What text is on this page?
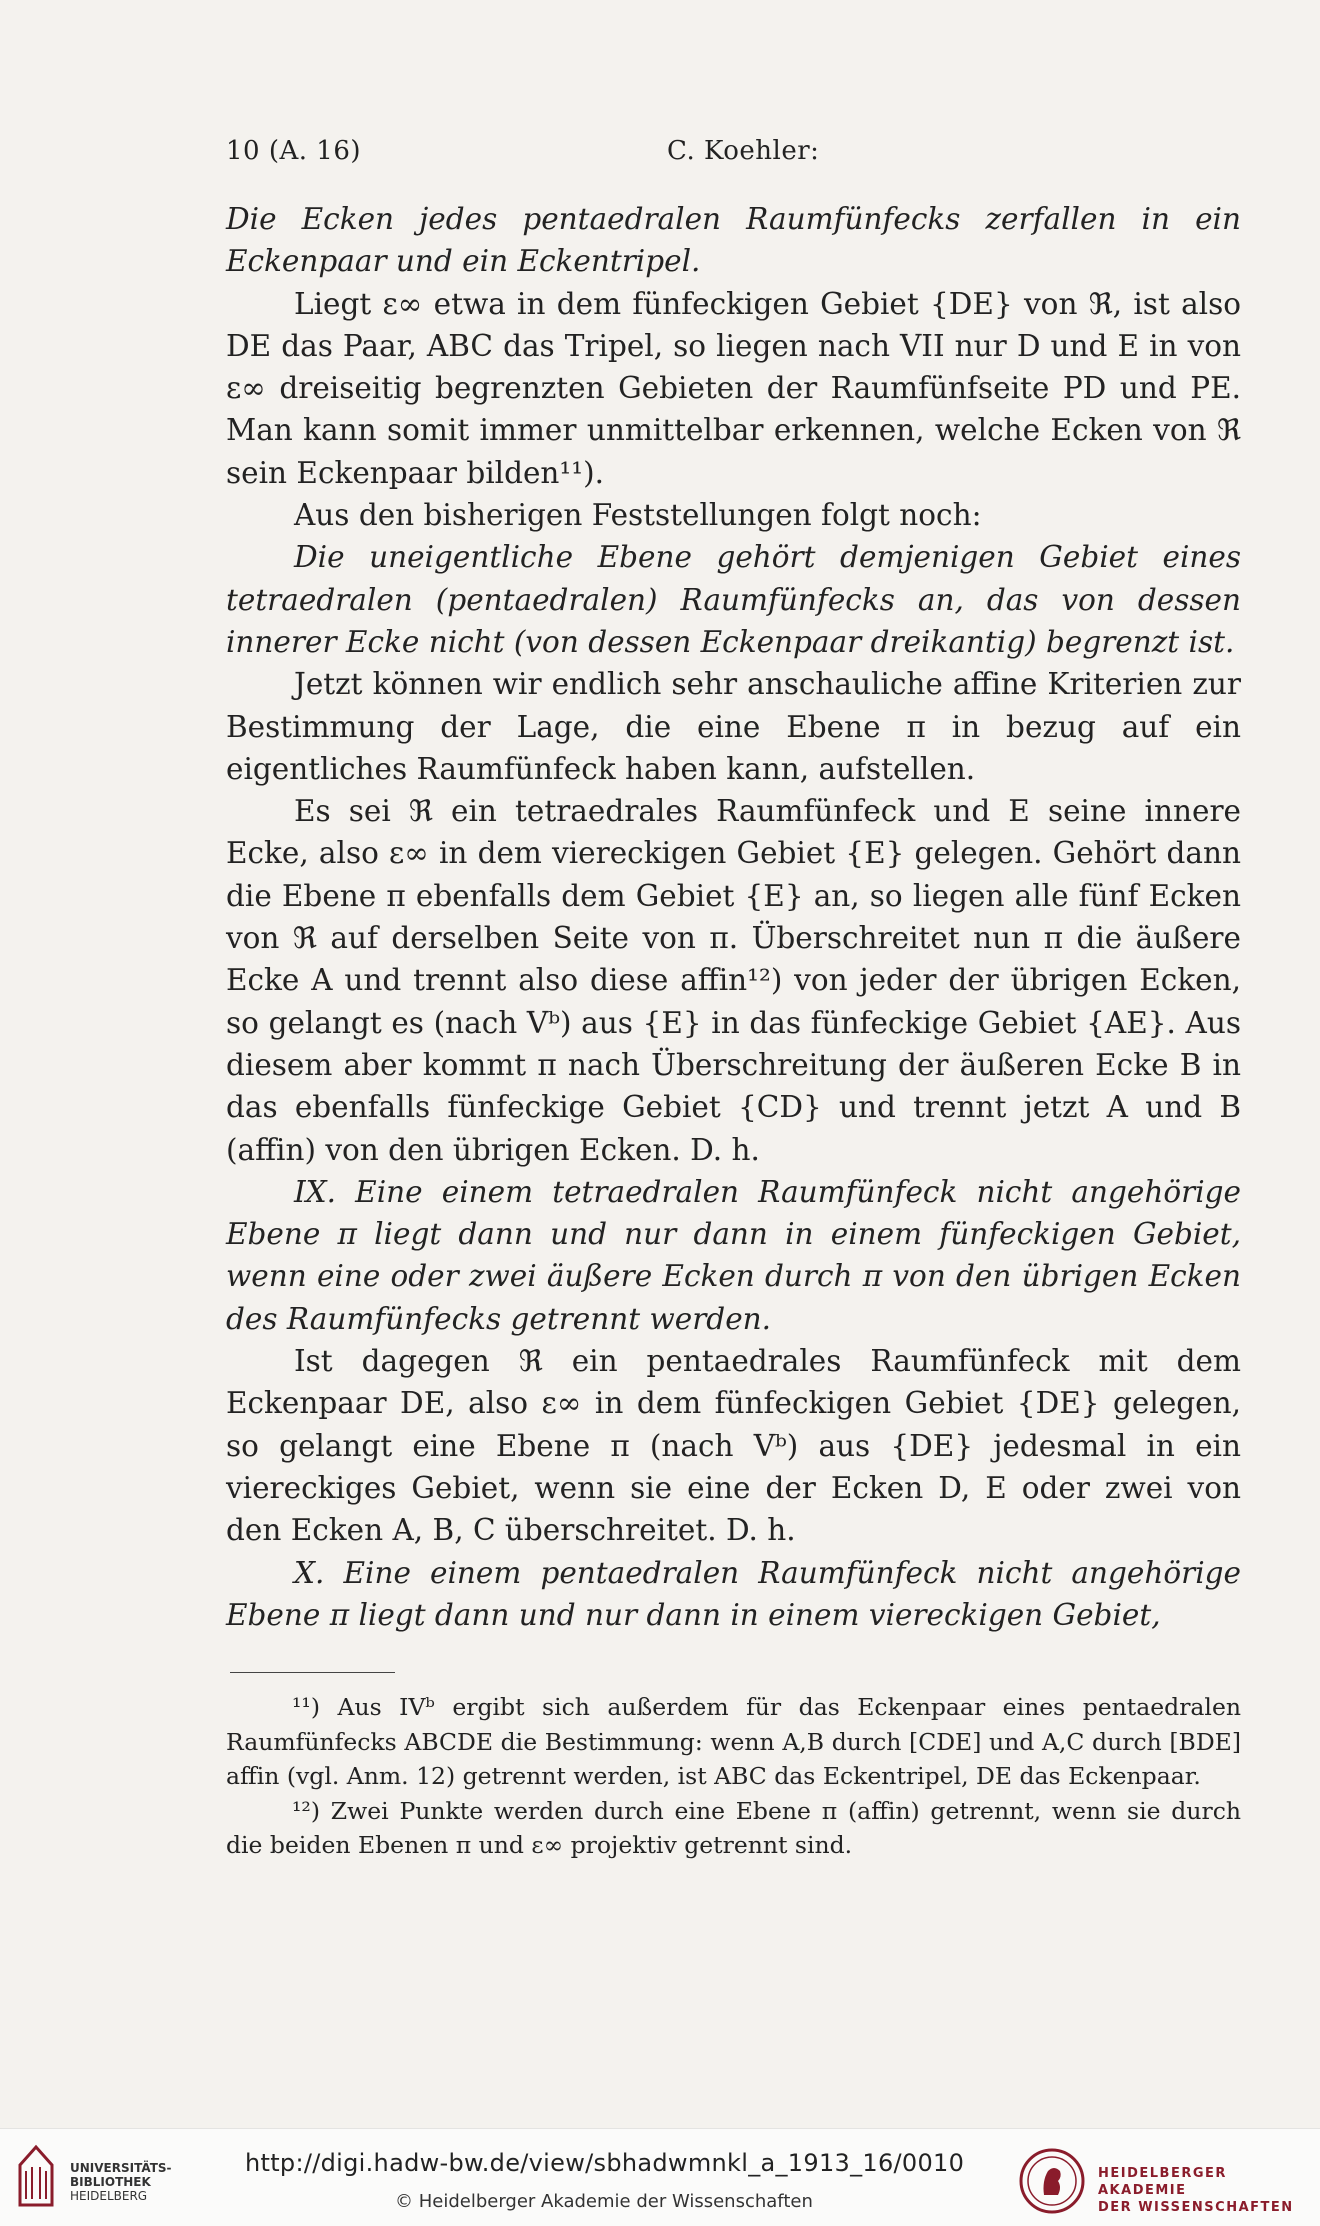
10 (A. 16)	C. Koehler:

Die Ecken jedes pentaedralen Raumfünfecks zerfallen in ein Eckenpaar und ein Eckentripel.

Liegt ε∞ etwa in dem fünfeckigen Gebiet {DE} von ℜ, ist also DE das Paar, ABC das Tripel, so liegen nach VII nur D und E in von ε∞ dreiseitig begrenzten Gebieten der Raumfünfseite PD und PE. Man kann somit immer unmittelbar erkennen, welche Ecken von ℜ sein Eckenpaar bilden¹¹).

Aus den bisherigen Feststellungen folgt noch:

Die uneigentliche Ebene gehört demjenigen Gebiet eines tetraedralen (pentaedralen) Raumfünfecks an, das von dessen innerer Ecke nicht (von dessen Eckenpaar dreikantig) begrenzt ist.

Jetzt können wir endlich sehr anschauliche affine Kriterien zur Bestimmung der Lage, die eine Ebene π in bezug auf ein eigentliches Raumfünfeck haben kann, aufstellen.

Es sei ℜ ein tetraedrales Raumfünfeck und E seine innere Ecke, also ε∞ in dem viereckigen Gebiet {E} gelegen. Gehört dann die Ebene π ebenfalls dem Gebiet {E} an, so liegen alle fünf Ecken von ℜ auf derselben Seite von π. Überschreitet nun π die äußere Ecke A und trennt also diese affin¹²) von jeder der übrigen Ecken, so gelangt es (nach Vᵇ) aus {E} in das fünfeckige Gebiet {AE}. Aus diesem aber kommt π nach Überschreitung der äußeren Ecke B in das ebenfalls fünfeckige Gebiet {CD} und trennt jetzt A und B (affin) von den übrigen Ecken. D. h.

IX. Eine einem tetraedralen Raumfünfeck nicht angehörige Ebene π liegt dann und nur dann in einem fünfeckigen Gebiet, wenn eine oder zwei äußere Ecken durch π von den übrigen Ecken des Raumfünfecks getrennt werden.

Ist dagegen ℜ ein pentaedrales Raumfünfeck mit dem Eckenpaar DE, also ε∞ in dem fünfeckigen Gebiet {DE} gelegen, so gelangt eine Ebene π (nach Vᵇ) aus {DE} jedesmal in ein viereckiges Gebiet, wenn sie eine der Ecken D, E oder zwei von den Ecken A, B, C überschreitet. D. h.

X. Eine einem pentaedralen Raumfünfeck nicht angehörige Ebene π liegt dann und nur dann in einem viereckigen Gebiet,

¹¹) Aus IVᵇ ergibt sich außerdem für das Eckenpaar eines pentaedralen Raumfünfecks ABCDE die Bestimmung: wenn A,B durch [CDE] und A,C durch [BDE] affin (vgl. Anm. 12) getrennt werden, ist ABC das Eckentripel, DE das Eckenpaar.

¹²) Zwei Punkte werden durch eine Ebene π (affin) getrennt, wenn sie durch die beiden Ebenen π und ε∞ projektiv getrennt sind.

UNIVERSITÄTS-
BIBLIOTHEK
HEIDELBERG
http://digi.hadw-bw.de/view/sbhadwmnkl_a_1913_16/0010
© Heidelberger Akademie der Wissenschaften
HEIDELBERGER AKADEMIE
DER WISSENSCHAFTEN
